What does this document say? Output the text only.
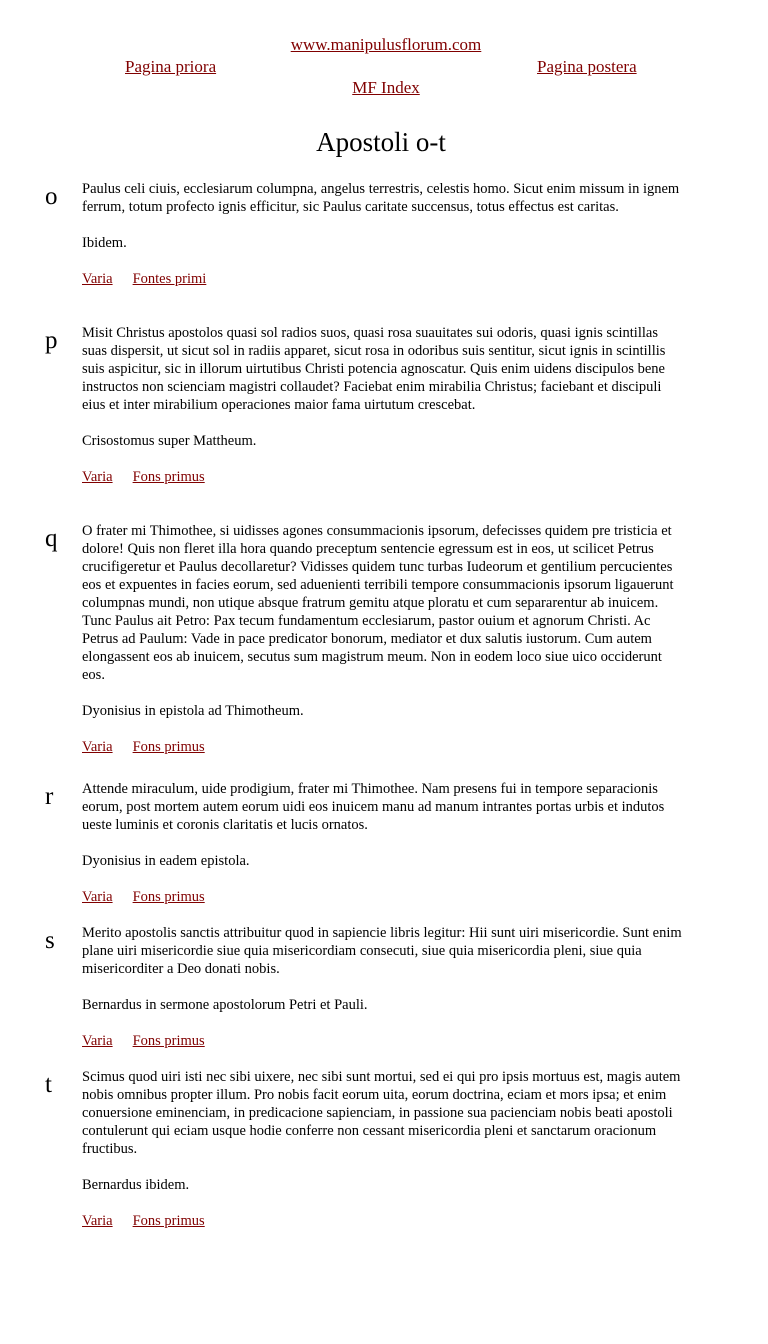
www.manipulusflorum.com
Pagina priora	Pagina postera
MF Index
Apostoli o-t
o Paulus celi ciuis, ecclesiarum columpna, angelus terrestris, celestis homo. Sicut enim missum in ignem ferrum, totum profecto ignis efficitur, sic Paulus caritate succensus, totus effectus est caritas.

Ibidem.

Varia Fontes primi

p Misit Christus apostolos quasi sol radios suos, quasi rosa suauitates sui odoris, quasi ignis scintillas suas dispersit, ut sicut sol in radiis apparet, sicut rosa in odoribus suis sentitur, sicut ignis in scintillis suis aspicitur, sic in illorum uirtutibus Christi potencia agnoscatur. Quis enim uidens discipulos bene instructos non scienciam magistri collaudet? Faciebat enim mirabilia Christus; faciebant et discipuli eius et inter mirabilium operaciones maior fama uirtutum crescebat.

Crisostomus super Mattheum.

Varia Fons primus

q O frater mi Thimothee, si uidisses agones consummacionis ipsorum, defecisses quidem pre tristicia et dolore! Quis non fleret illa hora quando preceptum sentencie egressum est in eos, ut scilicet Petrus crucifigeretur et Paulus decollaretur? Vidisses quidem tunc turbas Iudeorum et gentilium percucientes eos et expuentes in facies eorum, sed aduenienti terribili tempore consummacionis ipsorum ligauerunt columpnas mundi, non utique absque fratrum gemitu atque ploratu et cum separarentur ab inuicem. Tunc Paulus ait Petro: Pax tecum fundamentum ecclesiarum, pastor ouium et agnorum Christi. Ac Petrus ad Paulum: Vade in pace predicator bonorum, mediator et dux salutis iustorum. Cum autem elongassent eos ab inuicem, secutus sum magistrum meum. Non in eodem loco siue uico occiderunt eos.

Dyonisius in epistola ad Thimotheum.

Varia Fons primus

r Attende miraculum, uide prodigium, frater mi Thimothee. Nam presens fui in tempore separacionis eorum, post mortem autem eorum uidi eos inuicem manu ad manum intrantes portas urbis et indutos ueste luminis et coronis claritatis et lucis ornatos.

Dyonisius in eadem epistola.

Varia Fons primus

s Merito apostolis sanctis attribuitur quod in sapiencie libris legitur: Hii sunt uiri misericordie. Sunt enim plane uiri misericordie siue quia misericordiam consecuti, siue quia misericordia pleni, siue quia misericorditer a Deo donati nobis.

Bernardus in sermone apostolorum Petri et Pauli.

Varia Fons primus

t Scimus quod uiri isti nec sibi uixere, nec sibi sunt mortui, sed ei qui pro ipsis mortuus est, magis autem nobis omnibus propter illum. Pro nobis facit eorum uita, eorum doctrina, eciam et mors ipsa; et enim conuersione eminenciam, in predicacione sapienciam, in passione sua pacienciam nobis beati apostoli contulerunt qui eciam usque hodie conferre non cessant misericordia pleni et sanctarum oracionum fructibus.

Bernardus ibidem.

Varia Fons primus
